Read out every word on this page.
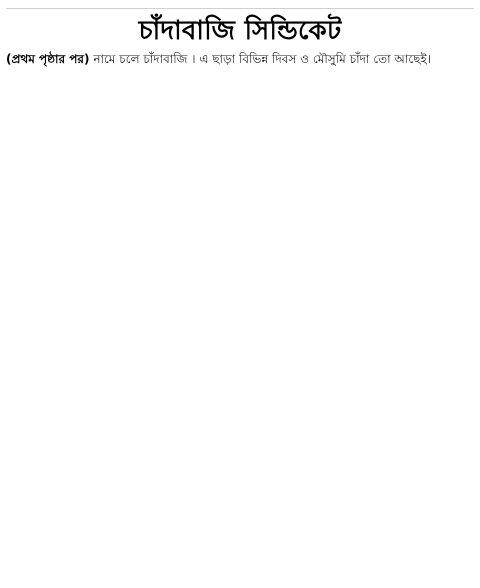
চাঁদাবাজি সিন্ডিকেট
(প্রথম পৃষ্ঠার পর) নামে চলে চাঁদাবাজি । এ ছাড়া বিভিন্ন দিবস ও মৌসুমি চাঁদা তো আছেই।
